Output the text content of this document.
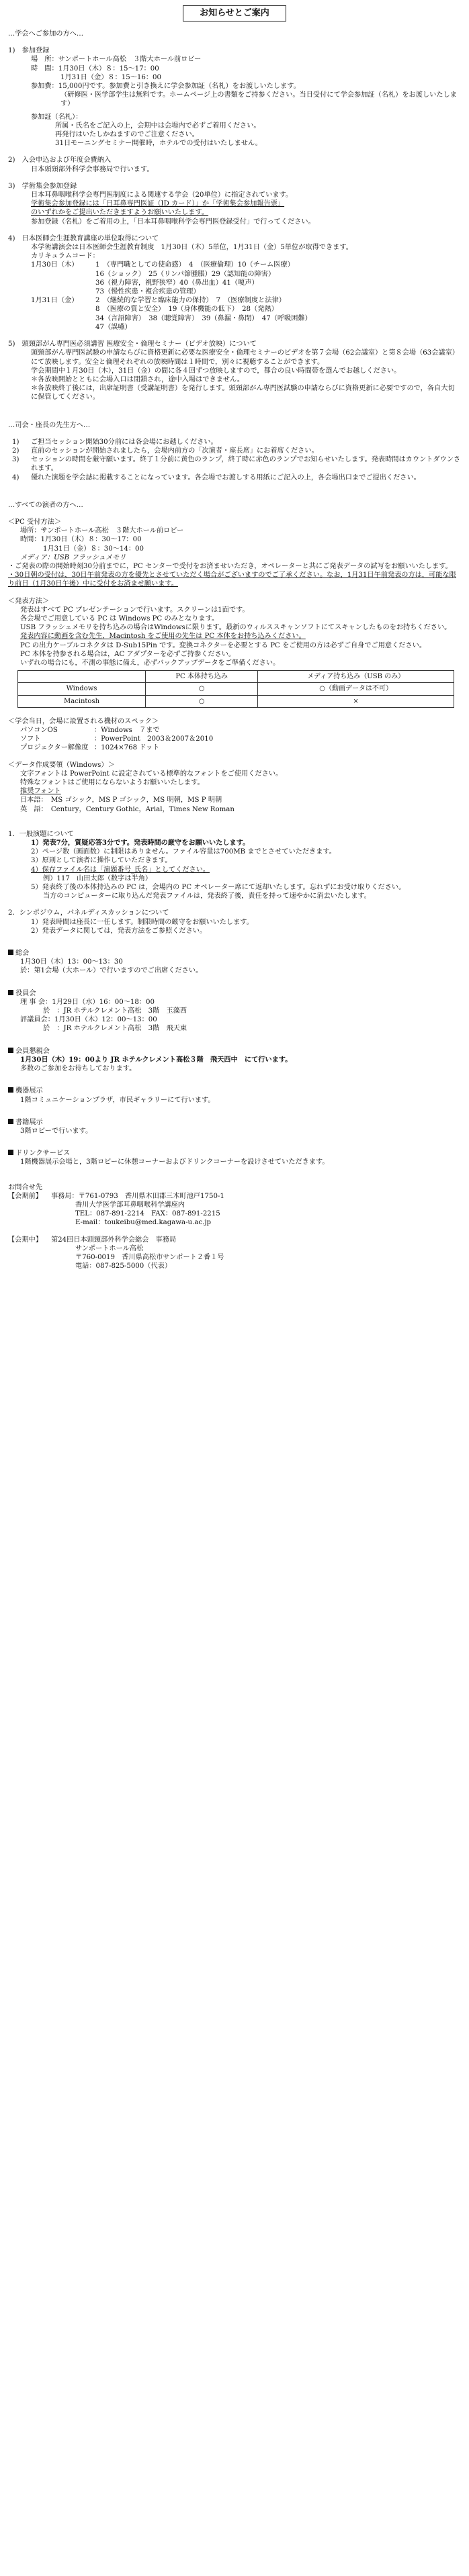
お知らせとご案内
…学会へご参加の方へ…
1)　参加登録
場　所：サンポートホール高松　３階大ホール前ロビー
時　間：1月30日（木）８：15～17：00
1月31日（金）８：15～16：00
参加費：15,000円です。参加費と引き換えに学会参加証（名札）をお渡しいたします。
（研修医・医学部学生は無料です。ホームページ上の書類をご持参ください。当日受付にて学会参加証（名札）をお渡しいたします）
参加証（名札）：
所属・氏名をご記入の上，会期中は会場内で必ずご着用ください。
再発行はいたしかねますのでご注意ください。
31日モーニングセミナー開催時，ホテルでの受付はいたしません。
2)　入会申込および年度会費納入
日本頭頸部外科学会事務局で行います。
3)　学術集会参加登録
日本耳鼻咽喉科学会専門医制度による関連する学会（20単位）に指定されています。
学術集会参加登録には「日耳鼻専門医証（ID カード）」か「学術集会参加報告票」
のいずれかをご提出いただきますようお願いいたします。
参加登録（名札）をご着用の上，「日本耳鼻咽喉科学会専門医登録受付」で行ってください。
4)　日本医師会生涯教育講座の単位取得について
本学術講演会は日本医師会生涯教育制度　1月30日（木）5単位，1月31日（金）5単位が取得できます。
カリキュラムコード：
1月30日（木）	1　（専門職としての使命感）　4　（医療倫理）10（チーム医療）
16（ショック）　25（リンパ節腫脹）29（認知能の障害）
36（視力障害，視野狭窄）40（鼻出血）41（嗄声）
73（慢性疾患・複合疾患の管理）
1月31日（金）	2　（継続的な学習と臨床能力の保持）　7　（医療制度と法律）
8　（医療の質と安全）　19（身体機能の低下）　28（発熱）
34（言語障害）　38（聴覚障害）　39（鼻漏・鼻閉）　47（呼吸困難）
47（誤嚥）
5)　頭頸部がん専門医必須講習 医療安全・倫理セミナー（ビデオ放映）について
頭頸部がん専門医試験の申請ならびに資格更新に必要な医療安全・倫理セミナーのビデオを第７会場（62会議室）と第８会場（63会議室）にて放映します。安全と倫理それぞれの放映時間は１時間で，別々に視聴することができます。
学会期間中１月30日（木），31日（金）の間に各４回ずつ放映しますので，都合の良い時間帯を選んでお越しください。
＊各放映開始とともに会場入口は閉鎖され，途中入場はできません。
＊各放映終了後には，出席証明書（受講証明書）を発行します。頭頸部がん専門医試験の申請ならびに資格更新に必要ですので，各自大切に保管してください。
…司会・座長の先生方へ…
1)	ご担当セッション開始30分前には各会場にお越しください。
2)	直前のセッションが開始されましたら，会場内前方の「次演者・座長席」にお着席ください。
3)	セッションの時間を厳守願います。終了１分前に黄色のランプ，終了時に赤色のランプでお知らせいたします。発表時間はカウントダウンされます。
4)	優れた演題を学会誌に掲載することになっています。各会場でお渡しする用紙にご記入の上，各会場出口までご提出ください。
…すべての演者の方へ…
＜PC 受付方法＞
場所：サンポートホール高松　３階大ホール前ロビー
時間：1月30日（木）８：30～17：00
1月31日（金）８：30～14：00
メディア：USB フラッシュメモリ
・ご発表の際の開始時刻30分前までに，PC センターで受付をお済ませいただき，オペレーターと共にご発表データの試写をお願いいたします。
・30日朝の受付は，30日午前発表の方を優先とさせていただく場合がございますのでご了承ください。なお，1月31日午前発表の方は，可能な限り前日（1月30日午後）中に受付をお済ませ願います。
＜発表方法＞
発表はすべて PC プレゼンテーションで行います。スクリーンは1面です。
各会場でご用意している PC は Windows PC のみとなります。
USB フラッシュメモリを持ち込みの場合はWindowsに限ります。最新のウィルススキャンソフトにてスキャンしたものをお持ちください。
発表内容に動画を含む先生，Macintosh をご使用の先生は PC 本体をお持ち込みください。
PC の出力ケーブルコネクタは D-Sub15Pin です。変換コネクターを必要とする PC をご使用の方は必ずご自身でご用意ください。
PC 本体を持参される場合は，AC アダプターを必ずご持参ください。
いずれの場合にも，不測の事態に備え，必ずバックアップデータをご準備ください。
	PC 本体持ち込み	メディア持ち込み（USB のみ）
Windows	○	○（動画データは不可）
Macintosh	○	×
＜学会当日，会場に設置される機材のスペック＞
パソコンOS	：Windows　７まで
ソフト	：PowerPoint　2003＆2007＆2010
プロジェクター解像度 ：1024×768 ドット
＜データ作成要領（Windows）＞
文字フォントは PowerPoint に設定されている標準的なフォントをご使用ください。
特殊なフォントはご使用にならないようお願いいたします。
推奨フォント
日本語：　MS ゴシック，MS P ゴシック，MS 明朝，MS P 明朝
英　語：　Century，Century Gothic，Arial，Times New Roman
1．一般演題について
1）発表7分，質疑応答3分です。発表時間の厳守をお願いいたします。
2）ページ数（画面数）に制限はありません。ファイル容量は700MB までとさせていただきます。
3）原則として演者に操作していただきます。
4）保存ファイル名は「演題番号_氏名」としてください。
例）117　山田太郎（数字は半角）
5）発表終了後の本体持込みの PC は，会場内の PC オペレーター席にて返却いたします。忘れずにお受け取りください。
当方のコンピューターに取り込んだ発表ファイルは，発表終了後，責任を持って速やかに消去いたします。
2．シンポジウム，パネルディスカッションについて
1）発表時間は座長に一任します。制限時間の厳守をお願いいたします。
2）発表データに関しては，発表方法をご参照ください。
総会
1月30日（木）13：00～13：30
於：第1会場（大ホール）で行いますのでご出席ください。
役員会
理 事 会：1月29日（水）16：00～18：00
於　：JR ホテルクレメント高松　3階　玉藻西
評議員会：1月30日（木）12：00～13：00
於　：JR ホテルクレメント高松　3階　飛天東
会員懇親会
1月30日（木）19：00より JR ホテルクレメント高松３階　飛天西中　にて行います。
多数のご参加をお待ちしております。
機器展示
1階コミュニケーションプラザ，市民ギャラリーにて行います。
書籍展示
3階ロビーで行います。
ドリンクサービス
1階機器展示会場と，3階ロビーに休憩コーナーおよびドリンクコーナーを設けさせていただきます。
お問合せ先
【会期前】	事務局：〒761-0793　香川県木田郡三木町池戸1750-1
香川大学医学部耳鼻咽喉科学講座内
TEL：087-891-2214　FAX：087-891-2215
E-mail：toukeibu@med.kagawa-u.ac.jp
【会期中】	第24回日本頭頸部外科学会総会　事務局
サンポートホール高松
〒760-0019　香川県高松市サンポート２番１号
電話：087-825-5000（代表）
